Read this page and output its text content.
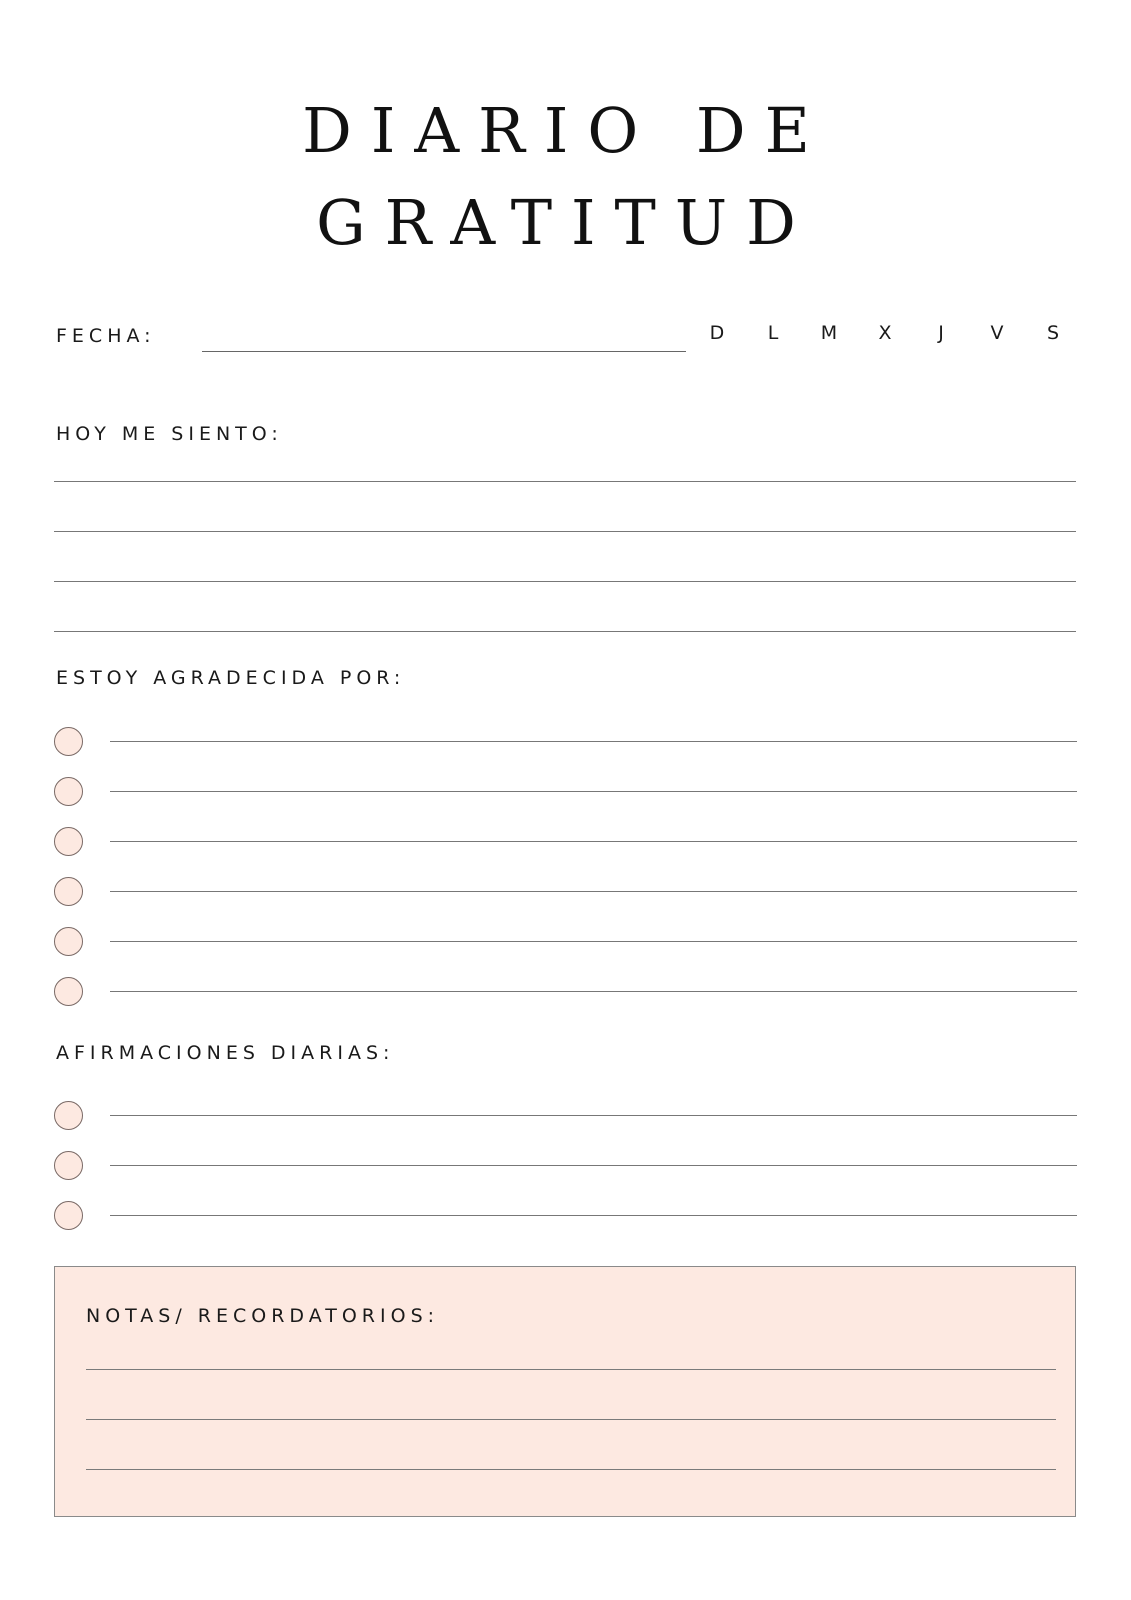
DIARIO DE
GRATITUD
FECHA:	D	L	M	X	J	V	S
HOY ME SIENTO:
ESTOY AGRADECIDA POR:
AFIRMACIONES DIARIAS:
NOTAS/ RECORDATORIOS:
